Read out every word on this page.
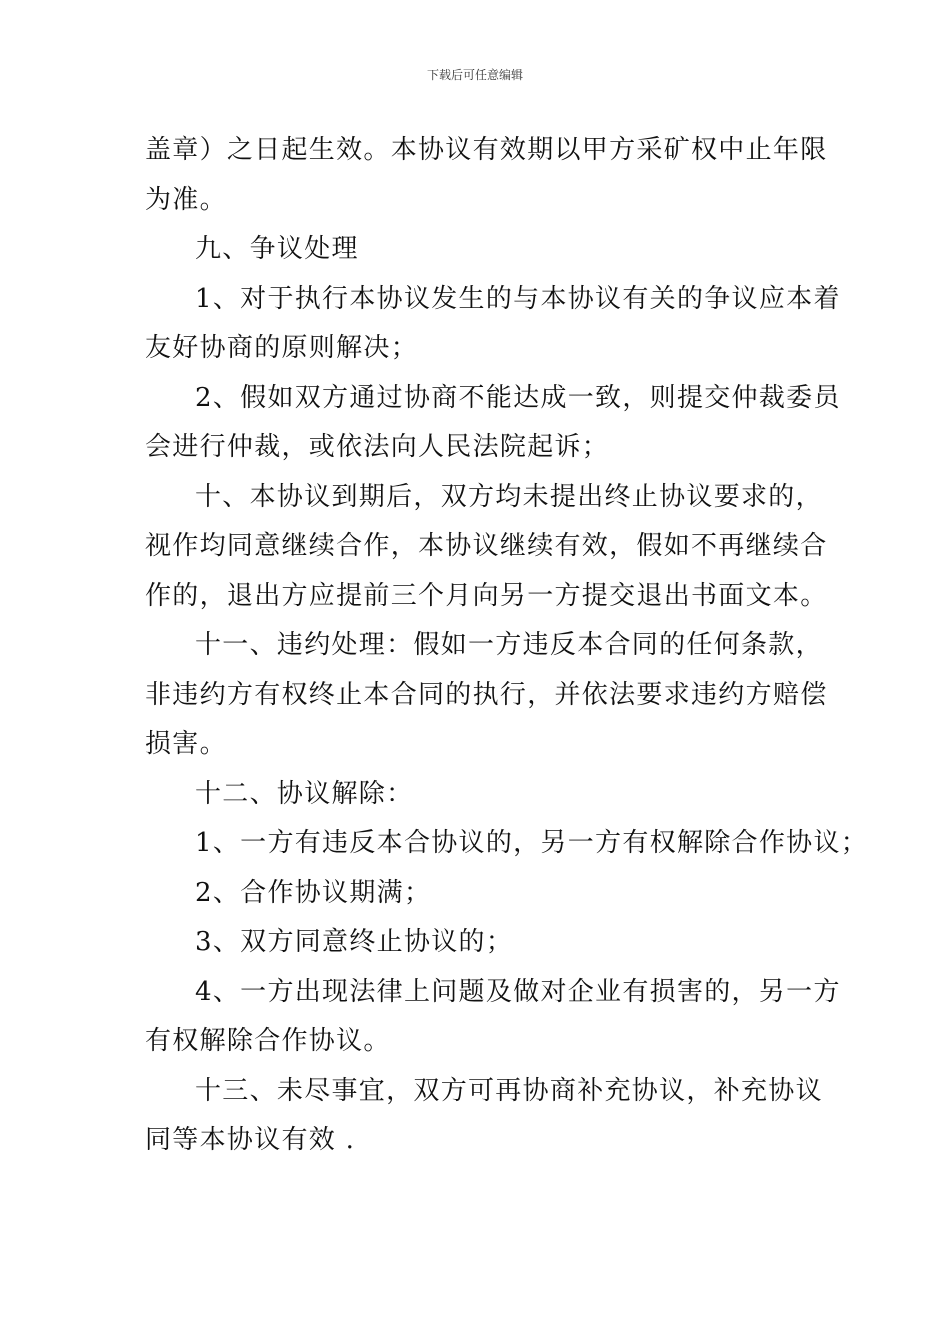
下载后可任意编辑
盖章）之日起生效。本协议有效期以甲方采矿权中止年限
为准。
九、争议处理
1、对于执行本协议发生的与本协议有关的争议应本着
友好协商的原则解决；
2、假如双方通过协商不能达成一致，则提交仲裁委员
会进行仲裁，或依法向人民法院起诉；
十、本协议到期后，双方均未提出终止协议要求的，
视作均同意继续合作，本协议继续有效，假如不再继续合
作的，退出方应提前三个月向另一方提交退出书面文本。
十一、违约处理：假如一方违反本合同的任何条款，
非违约方有权终止本合同的执行，并依法要求违约方赔偿
损害。
十二、协议解除：
1、一方有违反本合协议的，另一方有权解除合作协议；
2、合作协议期满；
3、双方同意终止协议的；
4、一方出现法律上问题及做对企业有损害的，另一方
有权解除合作协议。
十三、未尽事宜，双方可再协商补充协议，补充协议
同等本协议有效 .
